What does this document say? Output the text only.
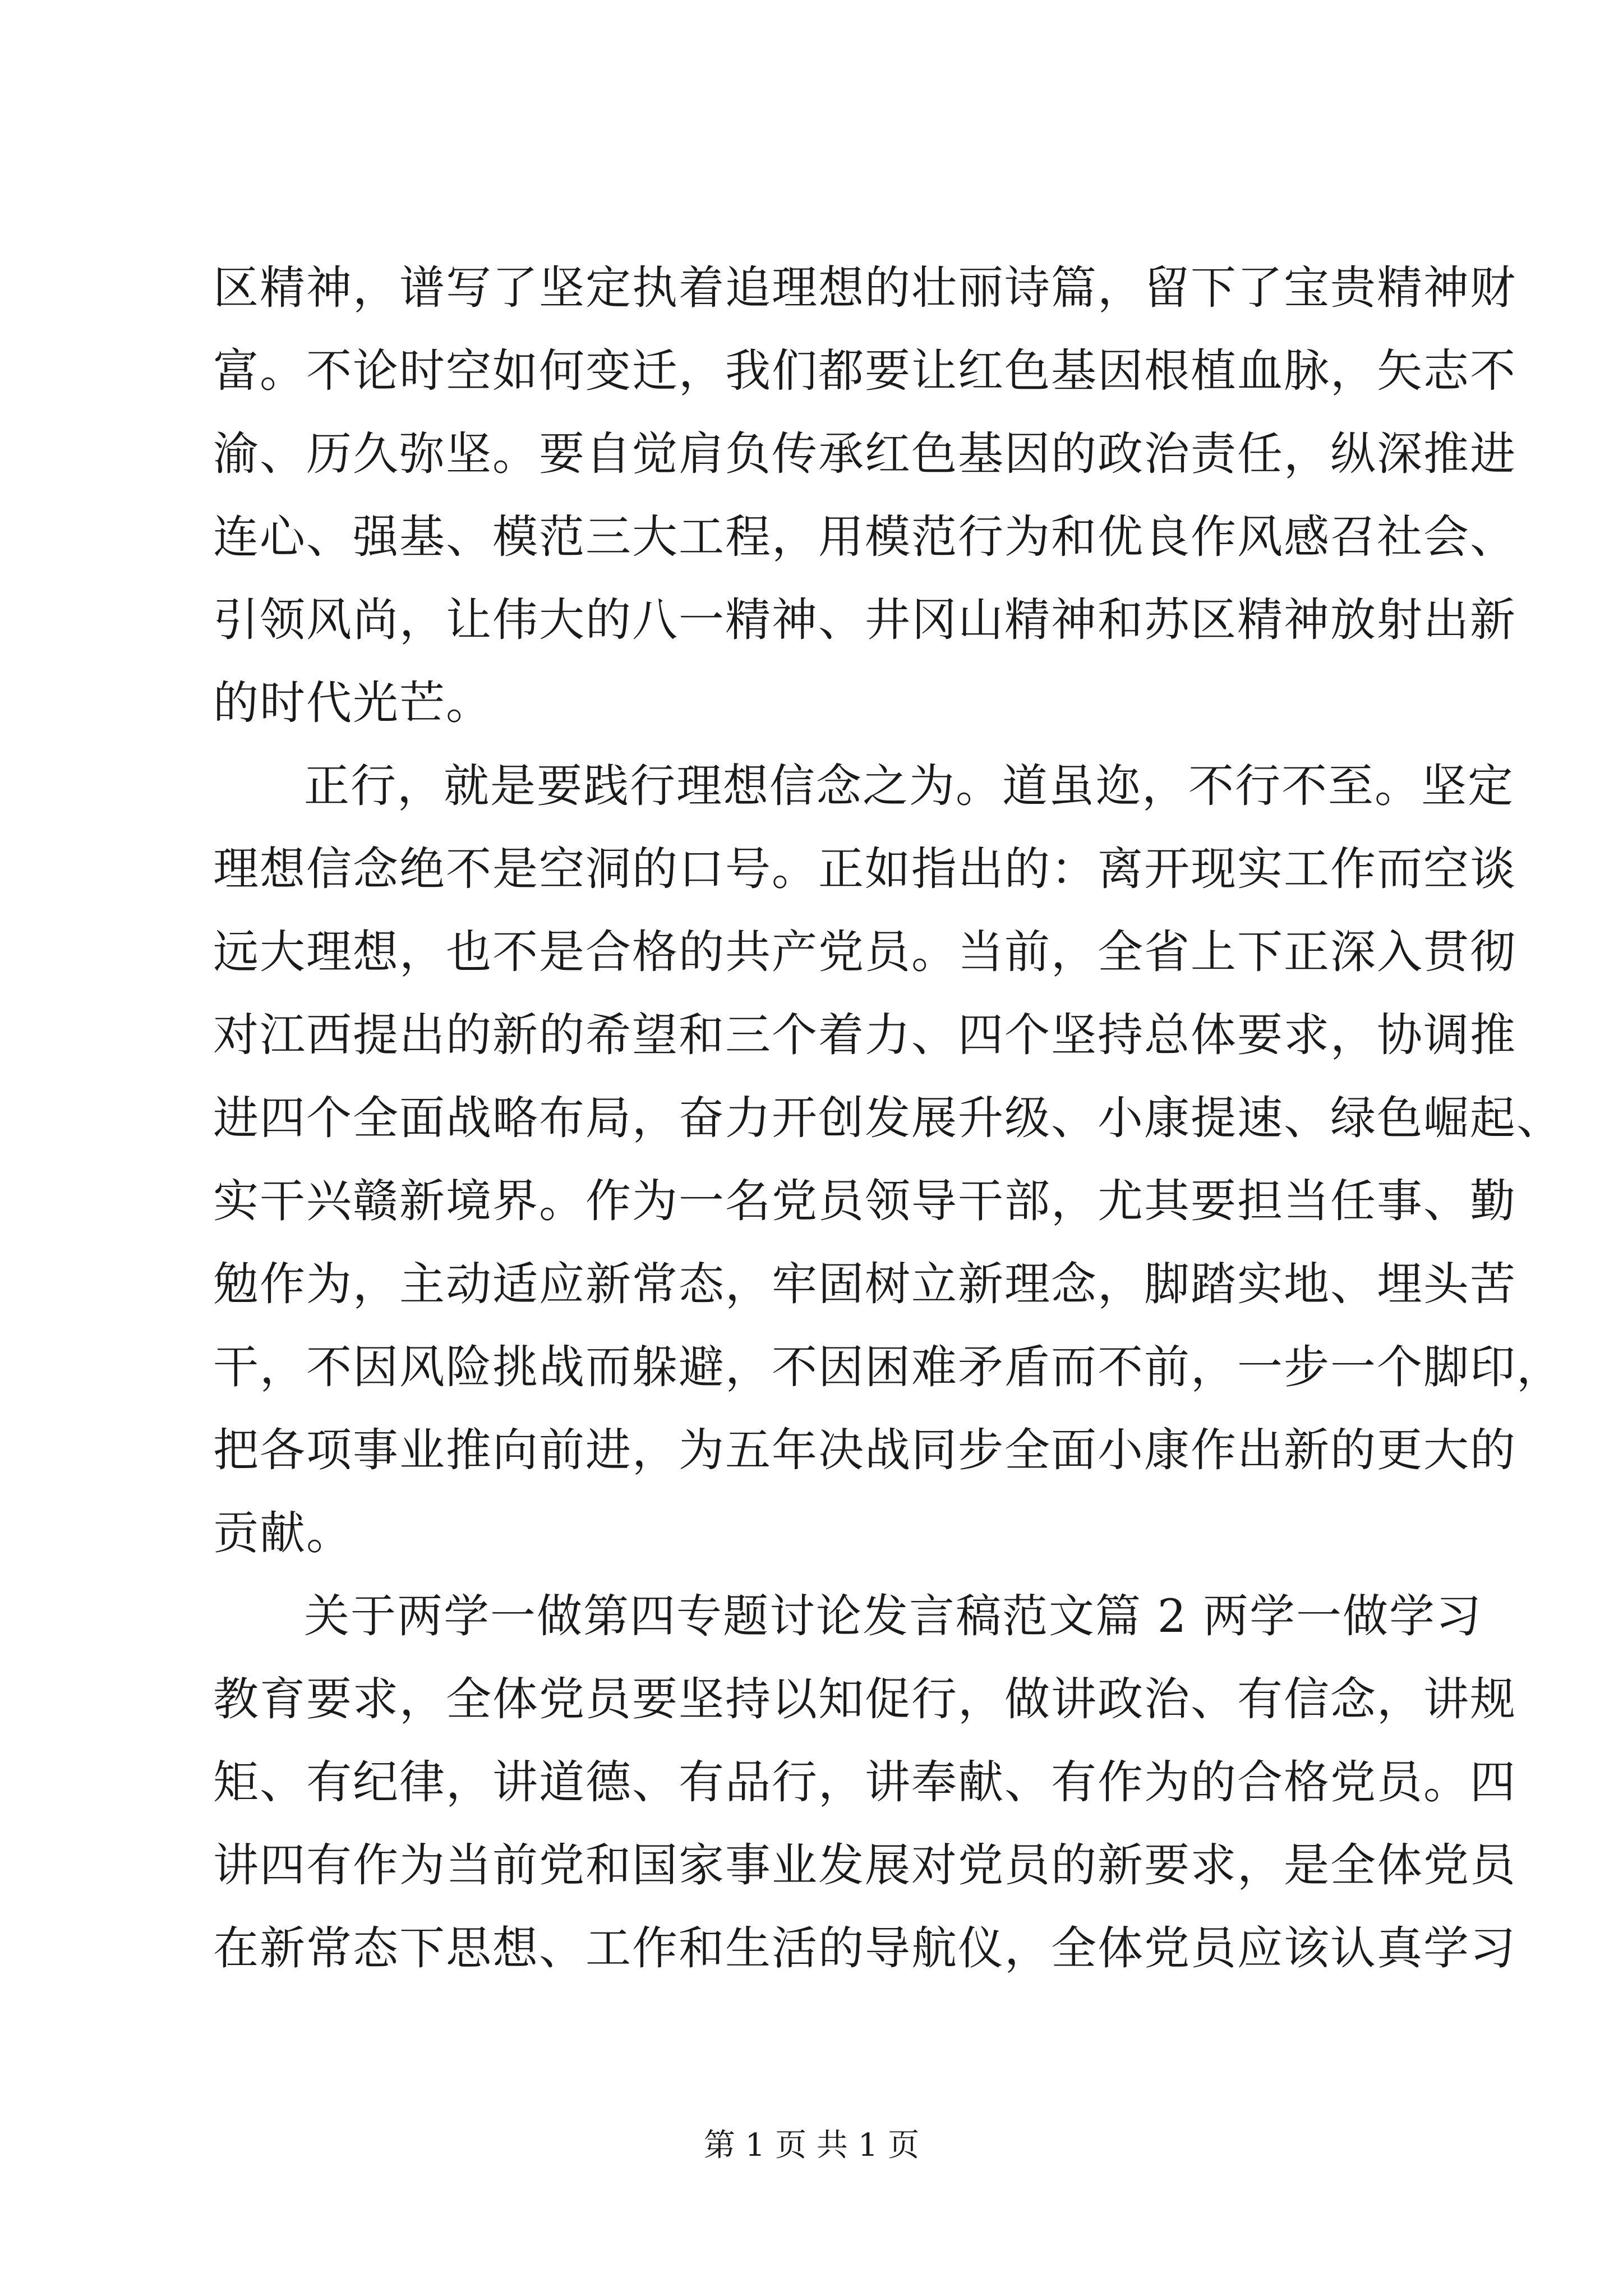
区精神，谱写了坚定执着追理想的壮丽诗篇，留下了宝贵精神财
富。不论时空如何变迁，我们都要让红色基因根植血脉，矢志不
渝、历久弥坚。要自觉肩负传承红色基因的政治责任，纵深推进
连心、强基、模范三大工程，用模范行为和优良作风感召社会、
引领风尚，让伟大的八一精神、井冈山精神和苏区精神放射出新
的时代光芒。
正行，就是要践行理想信念之为。道虽迩，不行不至。坚定
理想信念绝不是空洞的口号。正如指出的：离开现实工作而空谈
远大理想，也不是合格的共产党员。当前，全省上下正深入贯彻
对江西提出的新的希望和三个着力、四个坚持总体要求，协调推
进四个全面战略布局，奋力开创发展升级、小康提速、绿色崛起、
实干兴赣新境界。作为一名党员领导干部，尤其要担当任事、勤
勉作为，主动适应新常态，牢固树立新理念，脚踏实地、埋头苦
干，不因风险挑战而躲避，不因困难矛盾而不前，一步一个脚印，
把各项事业推向前进，为五年决战同步全面小康作出新的更大的
贡献。
关于两学一做第四专题讨论发言稿范文篇 2 两学一做学习
教育要求，全体党员要坚持以知促行，做讲政治、有信念，讲规
矩、有纪律，讲道德、有品行，讲奉献、有作为的合格党员。四
讲四有作为当前党和国家事业发展对党员的新要求，是全体党员
在新常态下思想、工作和生活的导航仪，全体党员应该认真学习
第 1 页 共 1 页
